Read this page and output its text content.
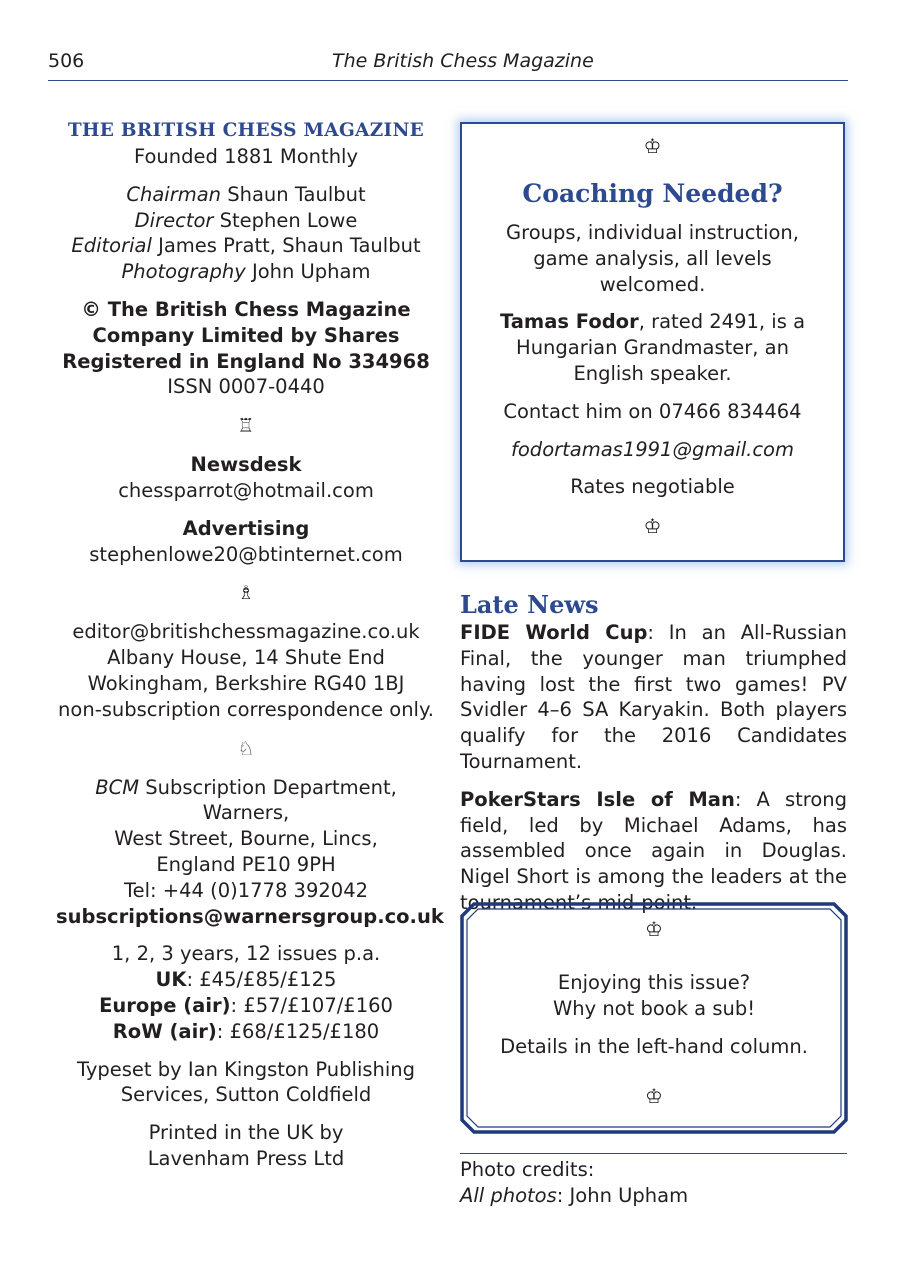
506	The British Chess Magazine

THE BRITISH CHESS MAGAZINE
Founded 1881 Monthly

Chairman Shaun Taulbut
Director Stephen Lowe
Editorial James Pratt, Shaun Taulbut
Photography John Upham

© The British Chess Magazine
Company Limited by Shares
Registered in England No 334968
ISSN 0007-0440

♖

Newsdesk
chessparrot@hotmail.com

Advertising
stephenlowe20@btinternet.com

♗

editor@britishchessmagazine.co.uk
Albany House, 14 Shute End
Wokingham, Berkshire RG40 1BJ
non-subscription correspondence only.

♘

BCM Subscription Department, Warners,
West Street, Bourne, Lincs,
England PE10 9PH
Tel: +44 (0)1778 392042
subscriptions@warnersgroup.co.uk

1, 2, 3 years, 12 issues p.a.
UK: £45/£85/£125
Europe (air): £57/£107/£160
RoW (air): £68/£125/£180

Typeset by Ian Kingston Publishing
Services, Sutton Coldfield

Printed in the UK by
Lavenham Press Ltd

♔
Coaching Needed?

Groups, individual instruction, game analysis, all levels welcomed.

Tamas Fodor, rated 2491, is a Hungarian Grandmaster, an English speaker.

Contact him on 07466 834464

fodortamas1991@gmail.com

Rates negotiable

♔
Late News

FIDE World Cup: In an All-Russian Final, the younger man triumphed having lost the first two games! PV Svidler 4–6 SA Karyakin. Both players qualify for the 2016 Candidates Tournament.

PokerStars Isle of Man: A strong field, led by Michael Adams, has assembled once again in Douglas. Nigel Short is among the leaders at the tournament’s mid-point.

♔

Enjoying this issue?
Why not book a sub!

Details in the left-hand column.

♔
Photo credits:
All photos: John Upham
